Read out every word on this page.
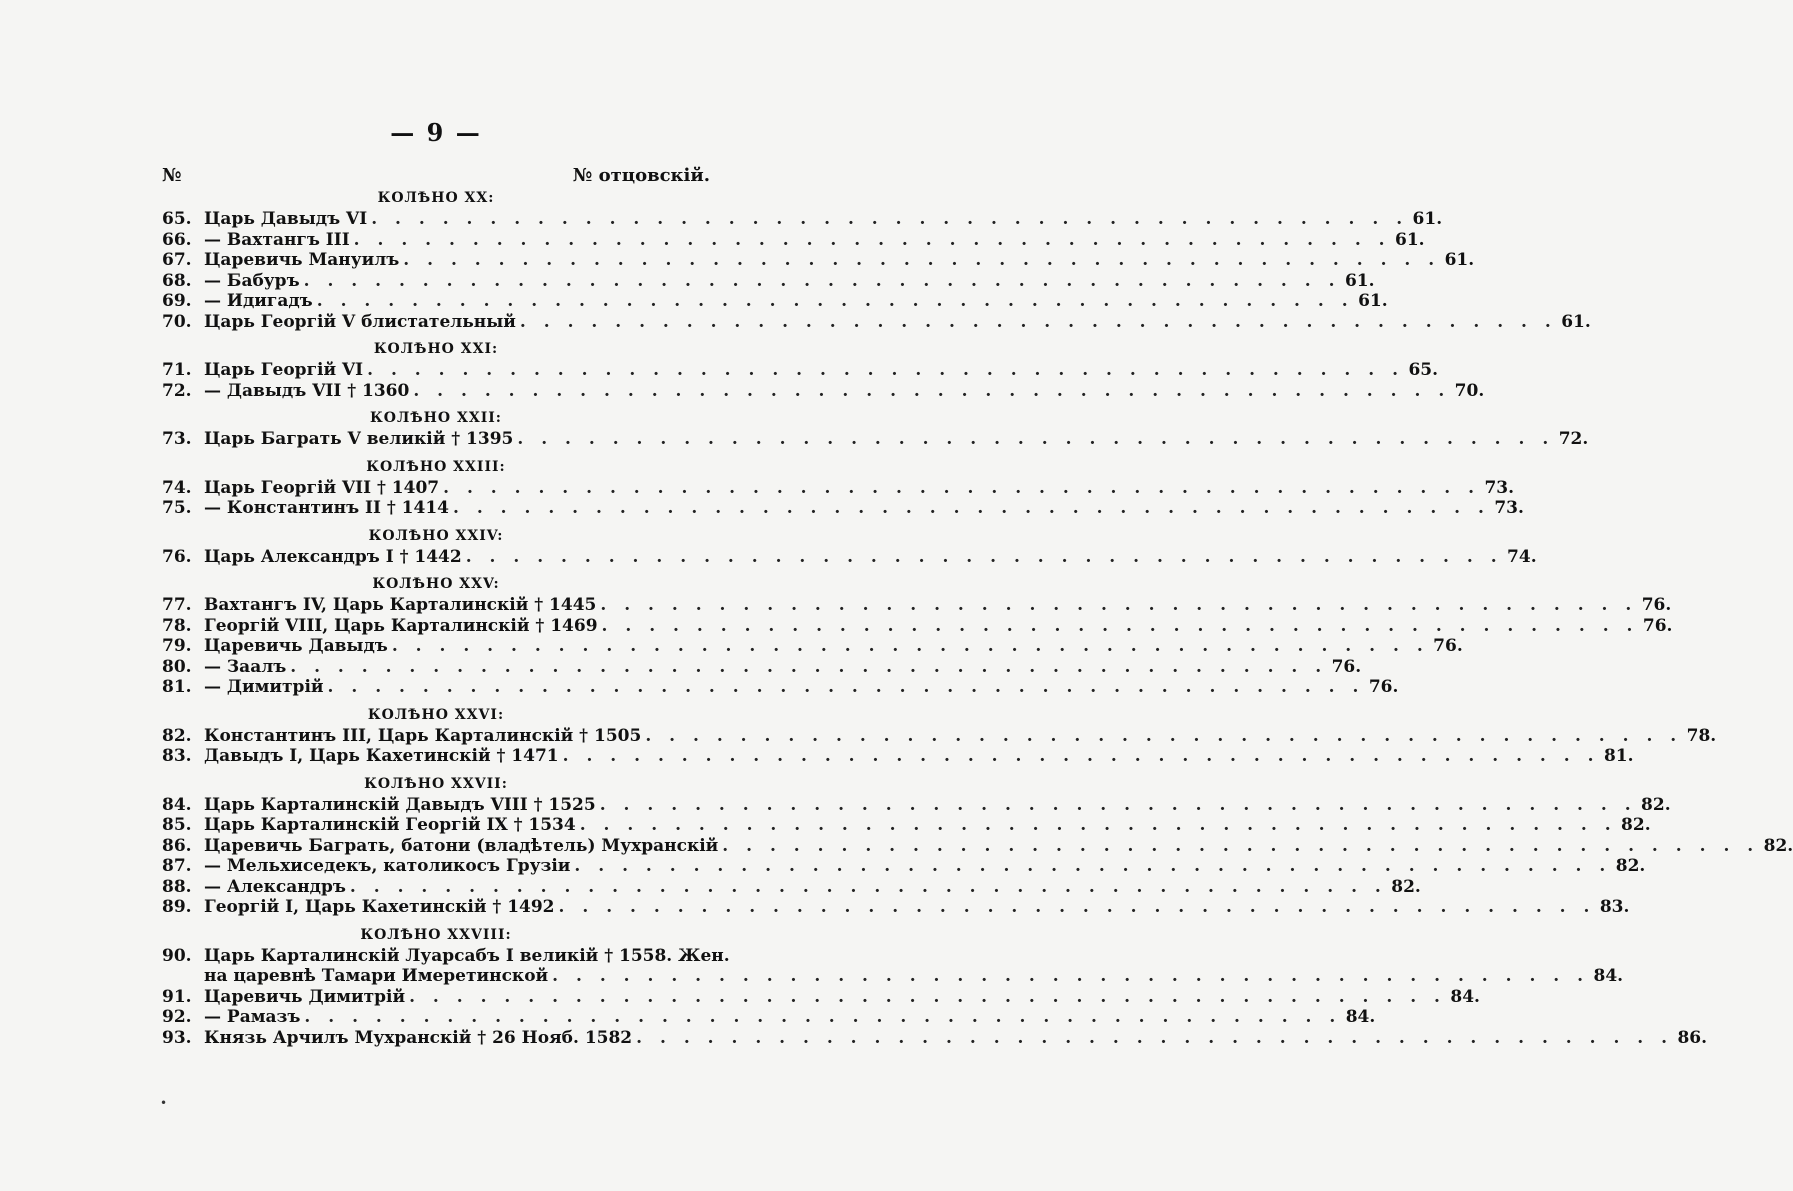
— 9 —
№	№ отцовскій.
КОЛѢНО XX:
65. Царь Давыдъ VI . . .	61.
66. — Вахтангъ III . . .	61.
67. Царевичь Мануилъ . . .	61.
68. — Бабуръ . . .	61.
69. — Идигадъ . . .	61.
70. Царь Георгій V блистательный . . .	61.
КОЛѢНО XXI:
71. Царь Георгій VI . . .	65.
72. — Давыдъ VII † 1360 . . .	70.
КОЛѢНО XXII:
73. Царь Баграть V великій † 1395 . . .	72.
КОЛѢНО XXIII:
74. Царь Георгій VII † 1407 . . .	73.
75. — Константинъ II † 1414 . . .	73.
КОЛѢНО XXIV:
76. Царь Александръ I † 1442 . . .	74.
КОЛѢНО XXV:
77. Вахтангъ IV, Царь Карталинскій † 1445 . . .	76.
78. Георгій VIII, Царь Карталинскій † 1469 . . .	76.
79. Царевичь Давыдъ . . .	76.
80. — Заалъ . . .	76.
81. — Димитрій . . .	76.
КОЛѢНО XXVI:
82. Константинъ III, Царь Карталинскій † 1505 . . .	78.
83. Давыдъ I, Царь Кахетинскій † 1471 . . .	81.
КОЛѢНО XXVII:
84. Царь Карталинскій Давыдъ VIII † 1525 . . .	82.
85. Царь Карталинскій Георгій IX † 1534 . . .	82.
86. Царевичь Баграть, батони (владѣтель) Мухранскій . . .	82.
87. — Мельхиседекъ, католикосъ Грузіи . . .	82.
88. — Александръ . . .	82.
89. Георгій I, Царь Кахетинскій † 1492 . . .	83.
КОЛѢНО XXVIII:
90. Царь Карталинскій Луарсабъ I великій † 1558. Жен.
на царевнѣ Тамари Имеретинской . . .	84.
91. Царевичь Димитрій . . .	84.
92. — Рамазъ . . .	84.
93. Князь Арчилъ Мухранскій † 26 Нояб. 1582 . . .	86.
•
